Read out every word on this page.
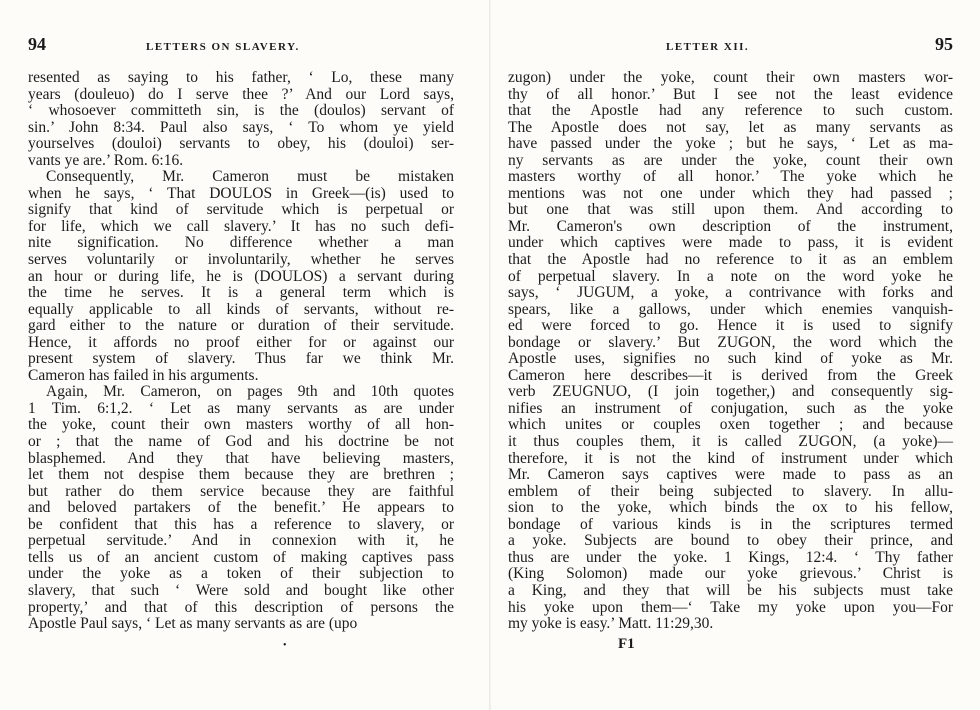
94	LETTERS ON SLAVERY.
resented as saying to his father, ‘ Lo, these many
years (douleuo) do I serve thee ?’ And our Lord says,
‘ whosoever committeth sin, is the (doulos) servant of
sin.’ John 8:34. Paul also says, ‘ To whom ye yield
yourselves (douloi) servants to obey, his (douloi) ser-
vants ye are.’ Rom. 6:16.
Consequently, Mr. Cameron must be mistaken
when he says, ‘ That DOULOS in Greek—(is) used to
signify that kind of servitude which is perpetual or
for life, which we call slavery.’ It has no such defi-
nite signification. No difference whether a man
serves voluntarily or involuntarily, whether he serves
an hour or during life, he is (DOULOS) a servant during
the time he serves. It is a general term which is
equally applicable to all kinds of servants, without re-
gard either to the nature or duration of their servitude.
Hence, it affords no proof either for or against our
present system of slavery. Thus far we think Mr.
Cameron has failed in his arguments.
Again, Mr. Cameron, on pages 9th and 10th quotes
1 Tim. 6:1,2. ‘ Let as many servants as are under
the yoke, count their own masters worthy of all hon-
or ; that the name of God and his doctrine be not
blasphemed. And they that have believing masters,
let them not despise them because they are brethren ;
but rather do them service because they are faithful
and beloved partakers of the benefit.’ He appears to
be confident that this has a reference to slavery, or
perpetual servitude.’ And in connexion with it, he
tells us of an ancient custom of making captives pass
under the yoke as a token of their subjection to
slavery, that such ‘ Were sold and bought like other
property,’ and that of this description of persons the
Apostle Paul says, ‘ Let as many servants as are (upo
•
LETTER XII.	95
zugon) under the yoke, count their own masters wor-
thy of all honor.’ But I see not the least evidence
that the Apostle had any reference to such custom.
The Apostle does not say, let as many servants as
have passed under the yoke ; but he says, ‘ Let as ma-
ny servants as are under the yoke, count their own
masters worthy of all honor.’ The yoke which he
mentions was not one under which they had passed ;
but one that was still upon them. And according to
Mr. Cameron's own description of the instrument,
under which captives were made to pass, it is evident
that the Apostle had no reference to it as an emblem
of perpetual slavery. In a note on the word yoke he
says, ‘ JUGUM, a yoke, a contrivance with forks and
spears, like a gallows, under which enemies vanquish-
ed were forced to go. Hence it is used to signify
bondage or slavery.’ But ZUGON, the word which the
Apostle uses, signifies no such kind of yoke as Mr.
Cameron here describes—it is derived from the Greek
verb ZEUGNUO, (I join together,) and consequently sig-
nifies an instrument of conjugation, such as the yoke
which unites or couples oxen together ; and because
it thus couples them, it is called ZUGON, (a yoke)—
therefore, it is not the kind of instrument under which
Mr. Cameron says captives were made to pass as an
emblem of their being subjected to slavery. In allu-
sion to the yoke, which binds the ox to his fellow,
bondage of various kinds is in the scriptures termed
a yoke. Subjects are bound to obey their prince, and
thus are under the yoke. 1 Kings, 12:4. ‘ Thy father
(King Solomon) made our yoke grievous.’ Christ is
a King, and they that will be his subjects must take
his yoke upon them—‘ Take my yoke upon you—For
my yoke is easy.’ Matt. 11:29,30.
F1
